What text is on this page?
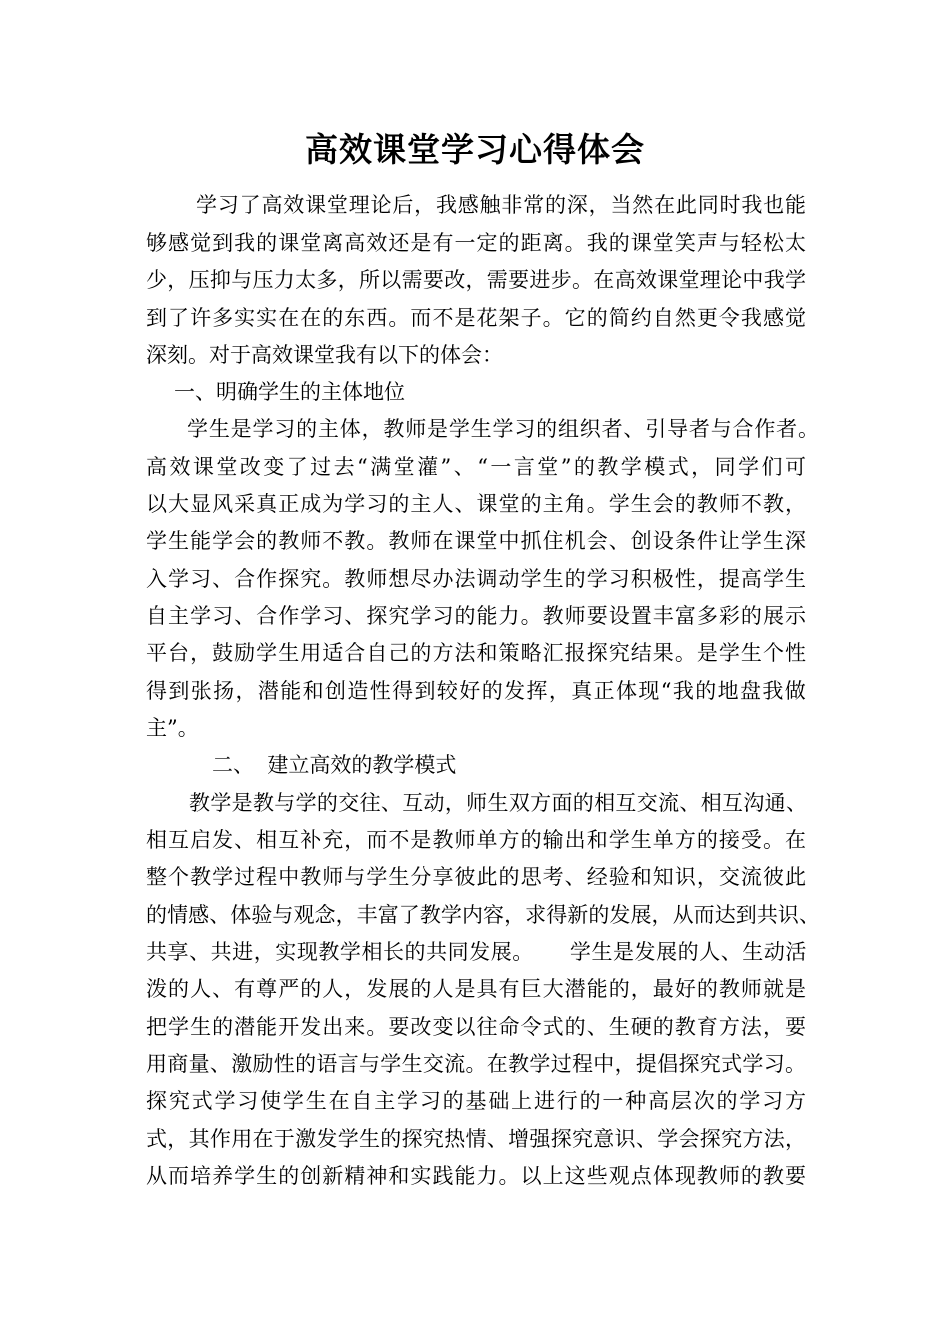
高效课堂学习心得体会
学习了高效课堂理论后，我感触非常的深，当然在此同时我也能
够感觉到我的课堂离高效还是有一定的距离。我的课堂笑声与轻松太
少，压抑与压力太多，所以需要改，需要进步。在高效课堂理论中我学
到了许多实实在在的东西。而不是花架子。它的简约自然更令我感觉
深刻。对于高效课堂我有以下的体会：
一、明确学生的主体地位
学生是学习的主体，教师是学生学习的组织者、引导者与合作者。
高效课堂改变了过去“满堂灌”、“一言堂”的教学模式，同学们可
以大显风采真正成为学习的主人、课堂的主角。学生会的教师不教，
学生能学会的教师不教。教师在课堂中抓住机会、创设条件让学生深
入学习、合作探究。教师想尽办法调动学生的学习积极性，提高学生
自主学习、合作学习、探究学习的能力。教师要设置丰富多彩的展示
平台，鼓励学生用适合自己的方法和策略汇报探究结果。是学生个性
得到张扬，潜能和创造性得到较好的发挥，真正体现“我的地盘我做
主”。
二、  建立高效的教学模式
教学是教与学的交往、互动，师生双方面的相互交流、相互沟通、
相互启发、相互补充，而不是教师单方的输出和学生单方的接受。在
整个教学过程中教师与学生分享彼此的思考、经验和知识，交流彼此
的情感、体验与观念，丰富了教学内容，求得新的发展，从而达到共识、
共享、共进，实现教学相长的共同发展。     学生是发展的人、生动活
泼的人、有尊严的人，发展的人是具有巨大潜能的，最好的教师就是
把学生的潜能开发出来。要改变以往命令式的、生硬的教育方法，要
用商量、激励性的语言与学生交流。在教学过程中，提倡探究式学习。
探究式学习使学生在自主学习的基础上进行的一种高层次的学习方
式，其作用在于激发学生的探究热情、增强探究意识、学会探究方法，
从而培养学生的创新精神和实践能力。以上这些观点体现教师的教要
